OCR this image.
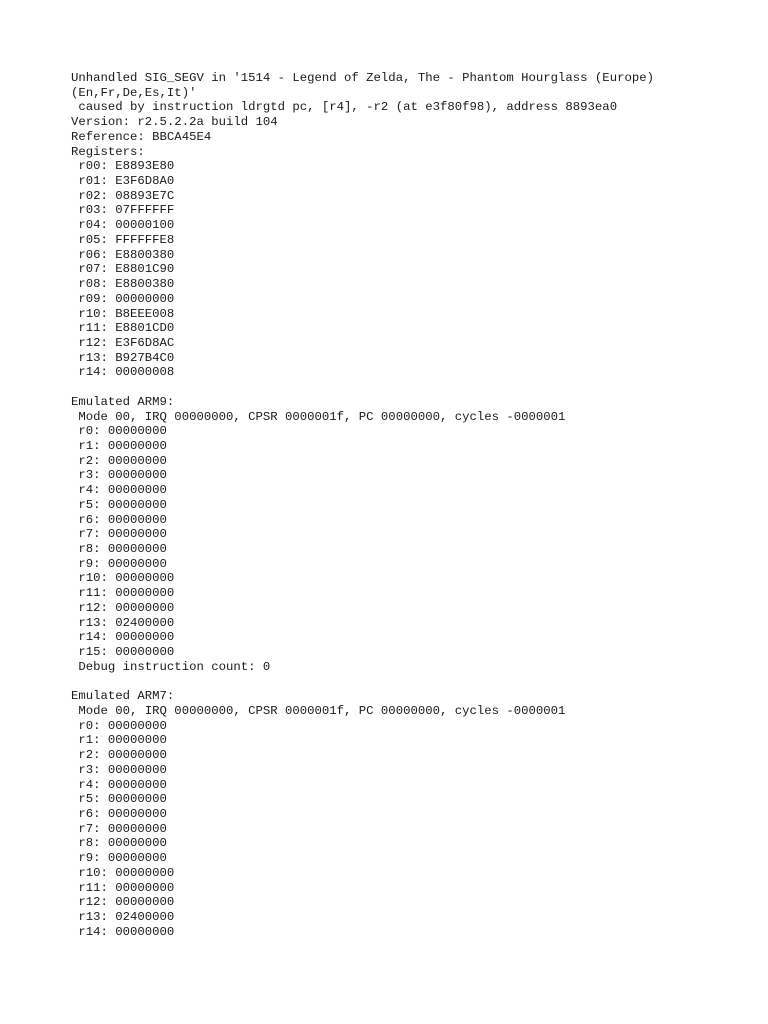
Unhandled SIG_SEGV in '1514 - Legend of Zelda, The - Phantom Hourglass (Europe)
(En,Fr,De,Es,It)'
caused by instruction ldrgtd pc, [r4], -r2 (at e3f80f98), address 8893ea0
Version: r2.5.2.2a build 104
Reference: BBCA45E4
Registers:
r00: E8893E80
r01: E3F6D8A0
r02: 08893E7C
r03: 07FFFFFF
r04: 00000100
r05: FFFFFFE8
r06: E8800380
r07: E8801C90
r08: E8800380
r09: 00000000
r10: B8EEE008
r11: E8801CD0
r12: E3F6D8AC
r13: B927B4C0
r14: 00000008
Emulated ARM9:
Mode 00, IRQ 00000000, CPSR 0000001f, PC 00000000, cycles -0000001
r0: 00000000
r1: 00000000
r2: 00000000
r3: 00000000
r4: 00000000
r5: 00000000
r6: 00000000
r7: 00000000
r8: 00000000
r9: 00000000
r10: 00000000
r11: 00000000
r12: 00000000
r13: 02400000
r14: 00000000
r15: 00000000
Debug instruction count: 0
Emulated ARM7:
Mode 00, IRQ 00000000, CPSR 0000001f, PC 00000000, cycles -0000001
r0: 00000000
r1: 00000000
r2: 00000000
r3: 00000000
r4: 00000000
r5: 00000000
r6: 00000000
r7: 00000000
r8: 00000000
r9: 00000000
r10: 00000000
r11: 00000000
r12: 00000000
r13: 02400000
r14: 00000000
